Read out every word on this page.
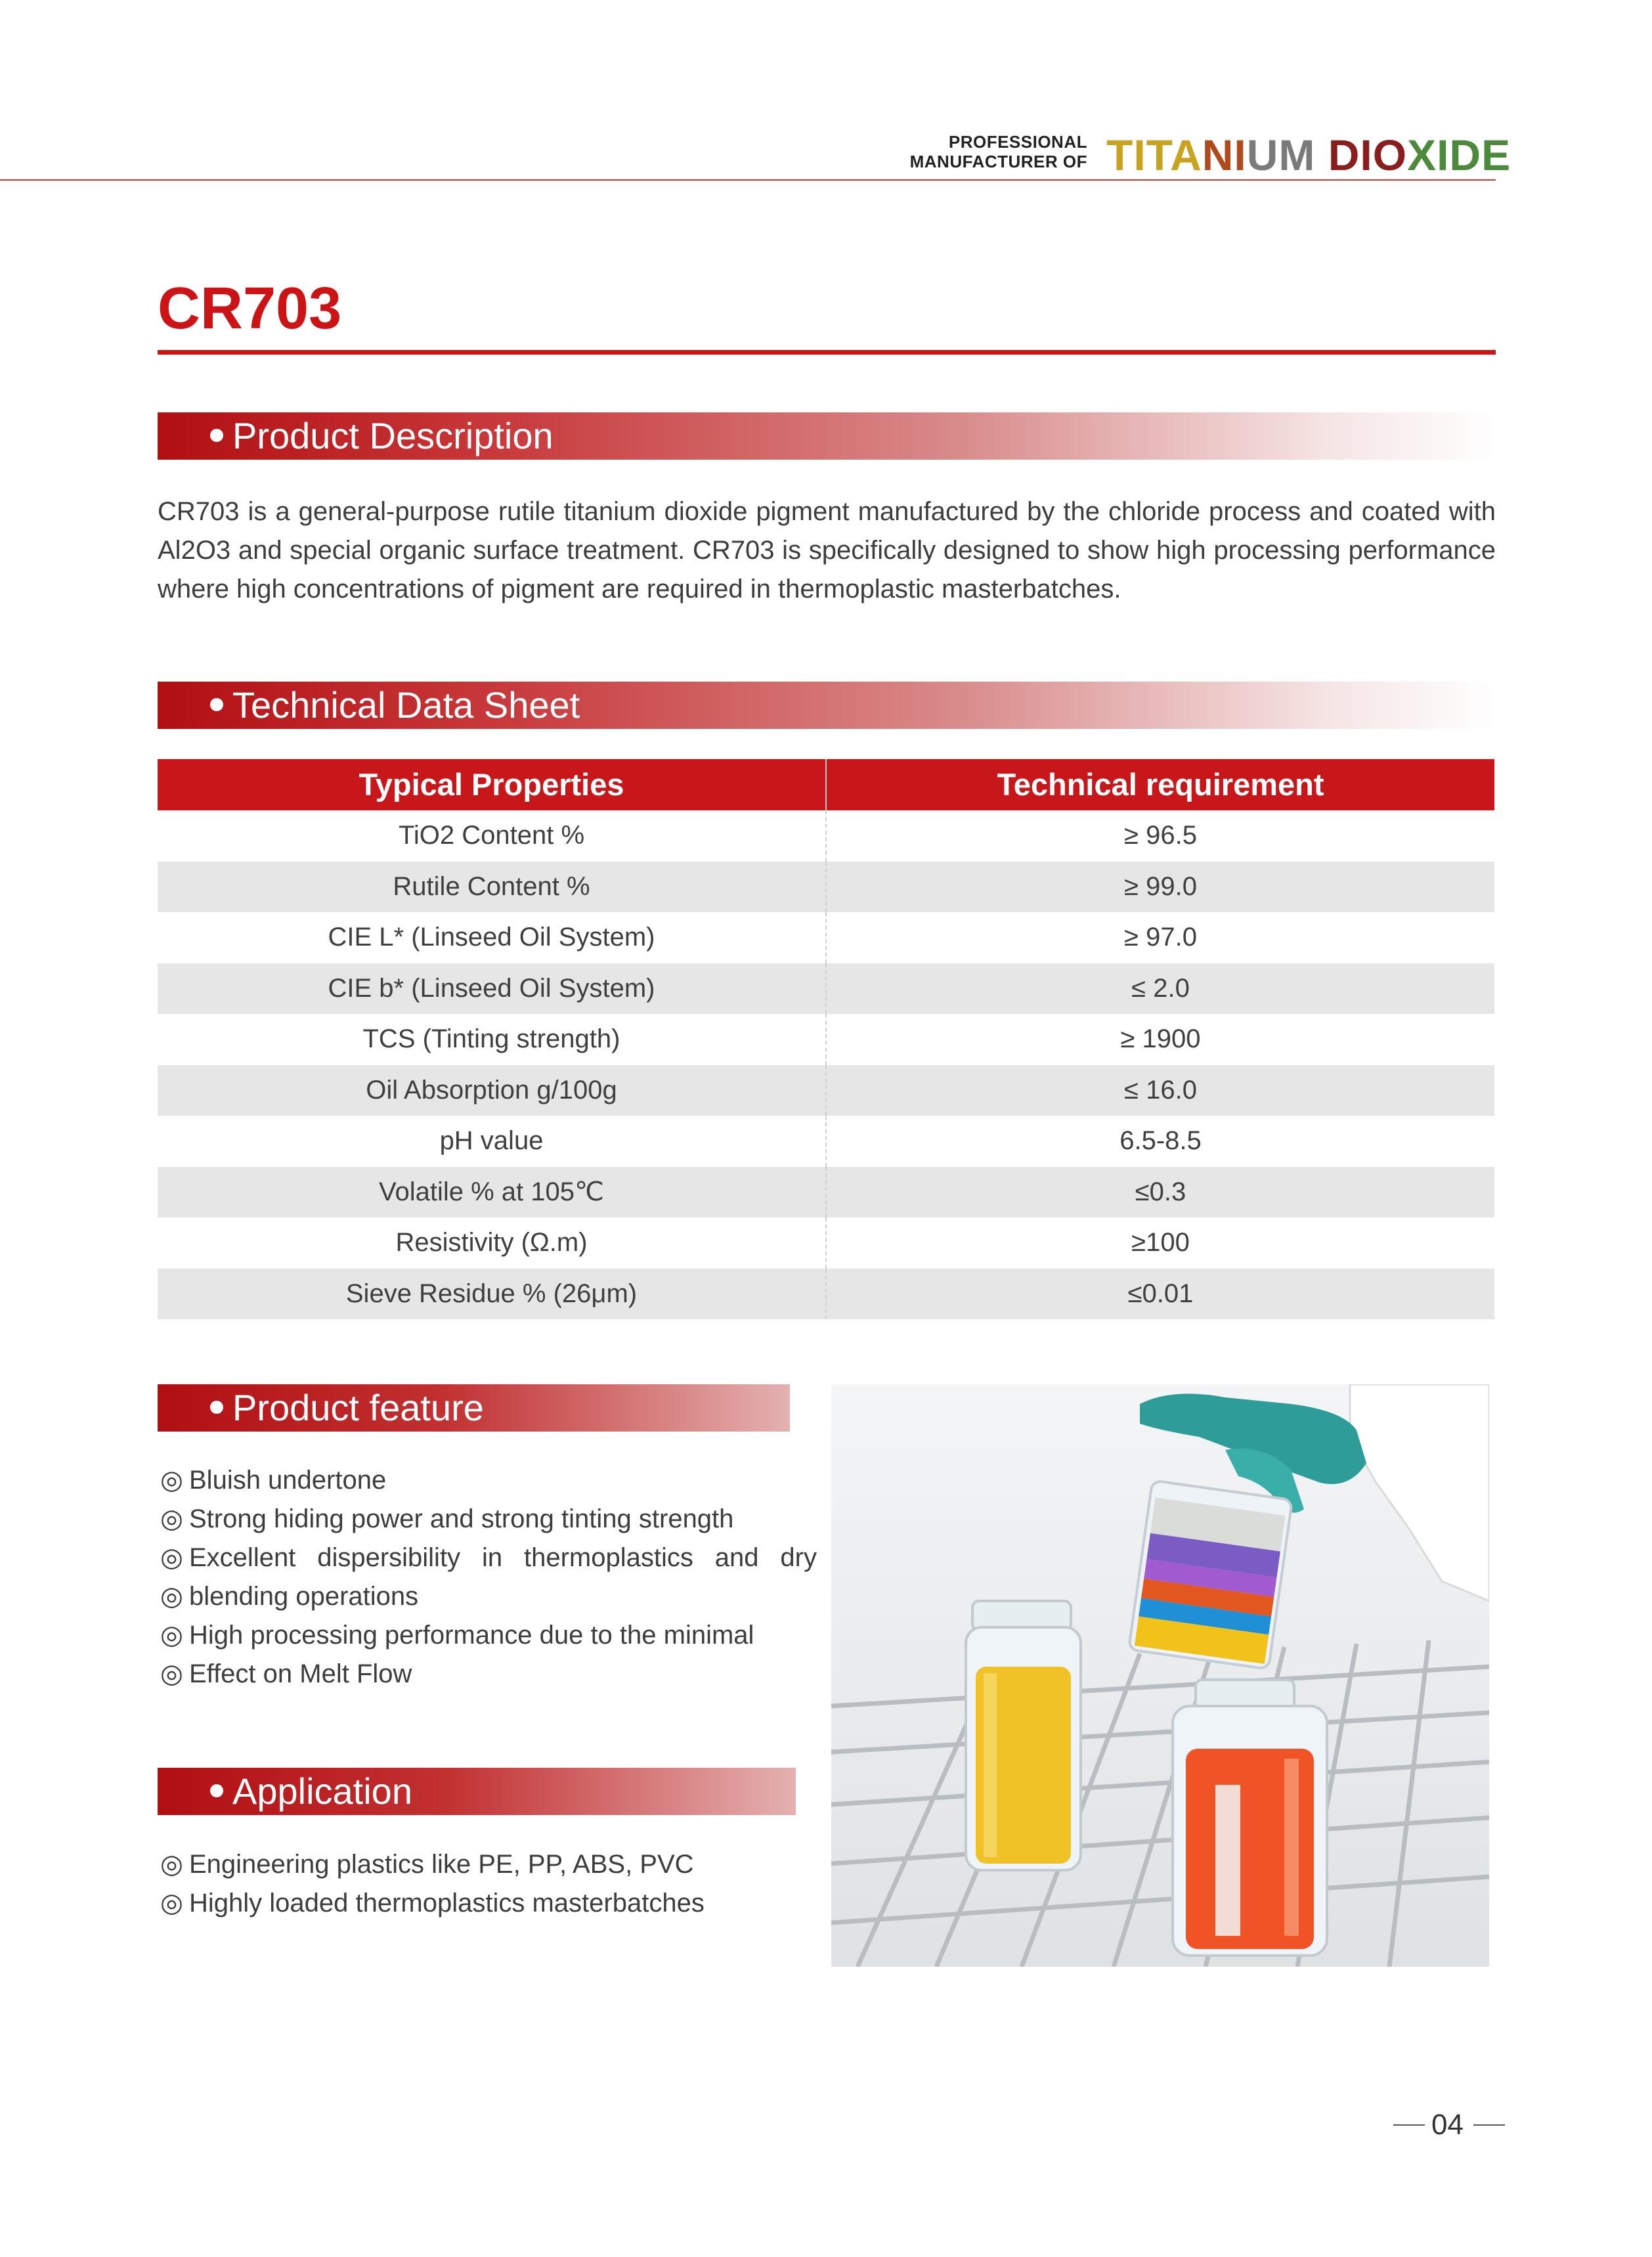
PROFESSIONAL
MANUFACTURER OF TITANIUM DIOXIDE
CR703
Product Description
CR703 is a general-purpose rutile titanium dioxide pigment manufactured by the chloride process and coated with Al2O3 and special organic surface treatment. CR703 is specifically designed to show high processing performance where high concentrations of pigment are required in thermoplastic masterbatches.
Technical Data Sheet
Typical Properties	Technical requirement
TiO2 Content %	≥ 96.5
Rutile Content %	≥ 99.0
CIE L* (Linseed Oil System)	≥ 97.0
CIE b* (Linseed Oil System)	≤ 2.0
TCS (Tinting strength)	≥ 1900
Oil Absorption g/100g	≤ 16.0
pH value	6.5-8.5
Volatile % at 105℃	≤0.3
Resistivity (Ω.m)	≥100
Sieve Residue % (26μm)	≤0.01
Product feature
◎ Bluish undertone
◎ Strong hiding power and strong tinting strength
◎ Excellent dispersibility in thermoplastics and dry
◎ blending operations
◎ High processing performance due to the minimal
◎ Effect on Melt Flow
Application
◎ Engineering plastics like PE, PP, ABS, PVC
◎ Highly loaded thermoplastics masterbatches
04
